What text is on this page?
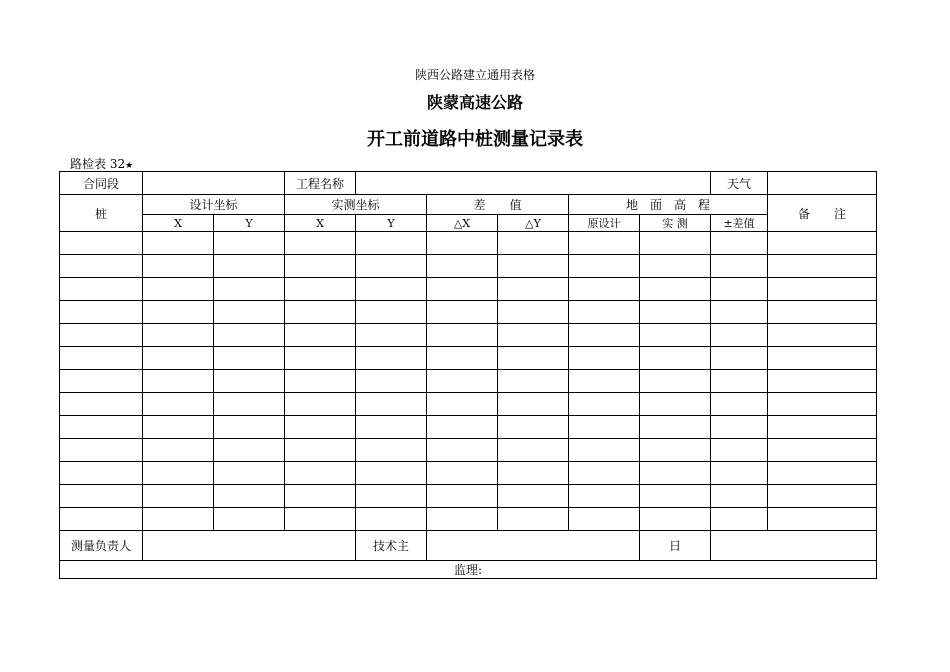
陕西公路建立通用表格
陕蒙高速公路
开工前道路中桩测量记录表
路检表 32★
合同段			工程名称						天气	
桩	设计坐标		实测坐标		差　　值		地　面　高　程			备　　注
	X	Y	X	Y	△X	△Y	原设计	实 测	±差值	

测量负责人				技术主				日		
监理:										
